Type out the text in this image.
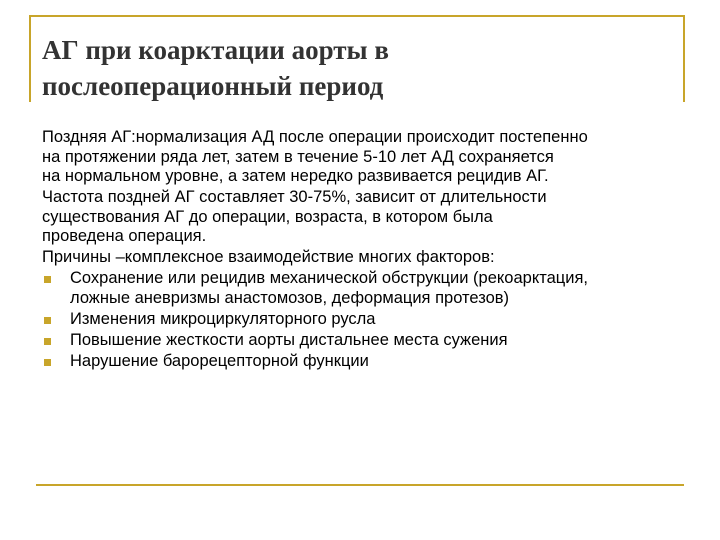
АГ при коарктации аорты в
послеоперационный период
Поздняя АГ:нормализация АД после операции происходит постепенно
на протяжении ряда лет, затем в течение 5-10 лет АД сохраняется
на нормальном уровне, а затем нередко развивается рецидив АГ.
Частота поздней АГ составляет 30-75%, зависит от длительности
существования АГ до операции, возраста, в котором была
проведена операция.
Причины –комплексное взаимодействие многих факторов:
Сохранение или рецидив механической обструкции (рекоарктация,
ложные аневризмы анастомозов, деформация протезов)
Изменения микроциркуляторного русла
Повышение жесткости аорты дистальнее места сужения
Нарушение барорецепторной функции
